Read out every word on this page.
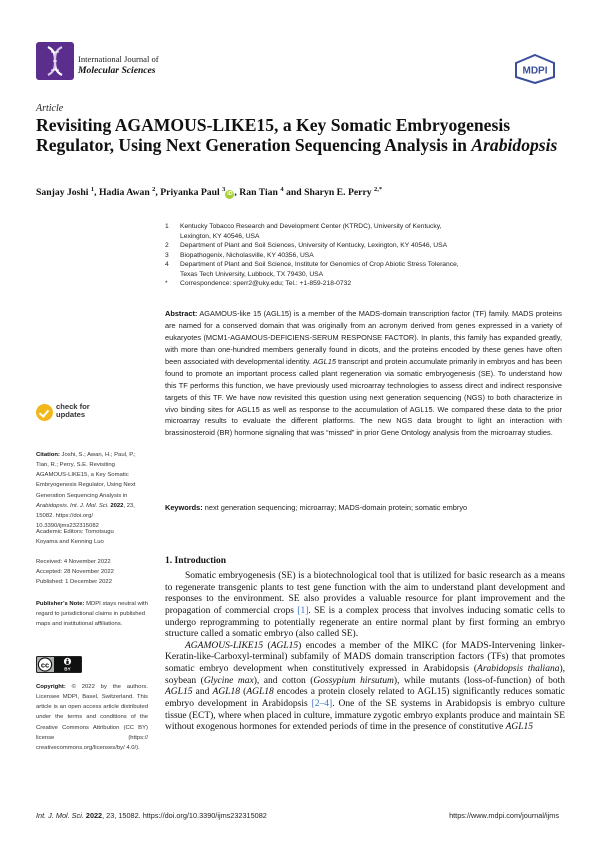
International Journal of
Molecular Sciences	MDPI
Article
Revisiting AGAMOUS-LIKE15, a Key Somatic Embryogenesis Regulator, Using Next Generation Sequencing Analysis in Arabidopsis
Sanjay Joshi $^1$, Hadia Awan $^2$, Priyanka Paul $^3$iD , Ran Tian $^4$ and Sharyn E. Perry $^{2,*}$
1	Kentucky Tobacco Research and Development Center (KTRDC), University of Kentucky,
Lexington, KY 40546, USA
2	Department of Plant and Soil Sciences, University of Kentucky, Lexington, KY 40546, USA
3	Biopathogenix, Nicholasville, KY 40356, USA
4	Department of Plant and Soil Science, Institute for Genomics of Crop Abiotic Stress Tolerance,
Texas Tech University, Lubbock, TX 79430, USA
*	Correspondence: sperr2@uky.edu; Tel.: +1-859-218-0732
Abstract: AGAMOUS-like 15 (AGL15) is a member of the MADS-domain transcription factor (TF) family. MADS proteins are named for a conserved domain that was originally from an acronym derived from genes expressed in a variety of eukaryotes (MCM1-AGAMOUS-DEFICIENS-SERUM RESPONSE FACTOR). In plants, this family has expanded greatly, with more than one-hundred members generally found in dicots, and the proteins encoded by these genes have often been associated with developmental identity. AGL15 transcript and protein accumulate primarily in embryos and has been found to promote an important process called plant regeneration via somatic embryogenesis (SE). To understand how this TF performs this function, we have previously used microarray technologies to assess direct and indirect responsive targets of this TF. We have now revisited this question using next generation sequencing (NGS) to both characterize in vivo binding sites for AGL15 as well as response to the accumulation of AGL15. We compared these data to the prior microarray results to evaluate the different platforms. The new NGS data brought to light an interaction with brassinosteroid (BR) hormone signaling that was “missed” in prior Gene Ontology analysis from the microarray studies.
Keywords: next generation sequencing; microarray; MADS-domain protein; somatic embryo
check for
updates
Citation: Joshi, S.; Awan, H.; Paul, P.; Tian, R.; Perry, S.E. Revisiting AGAMOUS-LIKE15, a Key Somatic Embryogenesis Regulator, Using Next Generation Sequencing Analysis in Arabidopsis. Int. J. Mol. Sci. 2022, 23, 15082. https://doi.org/ 10.3390/ijms232315082
Academic Editors: Tomotsugu
Koyama and Kenning Luo
Received: 4 November 2022
Accepted: 28 November 2022
Published: 1 December 2022
Publisher’s Note: MDPI stays neutral with regard to jurisdictional claims in published maps and institutional affiliations.
cc	BY
Copyright: © 2022 by the authors. Licensee MDPI, Basel, Switzerland. This article is an open access article distributed under the terms and conditions of the Creative Commons Attribution (CC BY) license (https:// creativecommons.org/licenses/by/ 4.0/).
1. Introduction

Somatic embryogenesis (SE) is a biotechnological tool that is utilized for basic research as a means to regenerate transgenic plants to test gene function with the aim to understand plant development and responses to the environment. SE also provides a valuable resource for plant improvement and the propagation of commercial crops [1]. SE is a complex process that involves inducing somatic cells to undergo reprogramming to potentially regenerate an entire normal plant by first forming an embryo structure called a somatic embryo (also called SE).

AGAMOUS-LIKE15 (AGL15) encodes a member of the MIKC (for MADS-Intervening linker-Keratin-like-Carboxyl-terminal) subfamily of MADS domain transcription factors (TFs) that promotes somatic embryo development when constitutively expressed in Arabidopsis (Arabidopsis thaliana), soybean (Glycine max), and cotton (Gossypium hirsutum), while mutants (loss-of-function) of both AGL15 and AGL18 (AGL18 encodes a protein closely related to AGL15) significantly reduces somatic embryo development in Arabidopsis [2–4]. One of the SE systems in Arabidopsis is embryo culture tissue (ECT), where when placed in culture, immature zygotic embryo explants produce and maintain SE without exogenous hormones for extended periods of time in the presence of constitutive AGL15

Int. J. Mol. Sci. 2022, 23, 15082. https://doi.org/10.3390/ijms232315082	https://www.mdpi.com/journal/ijms
